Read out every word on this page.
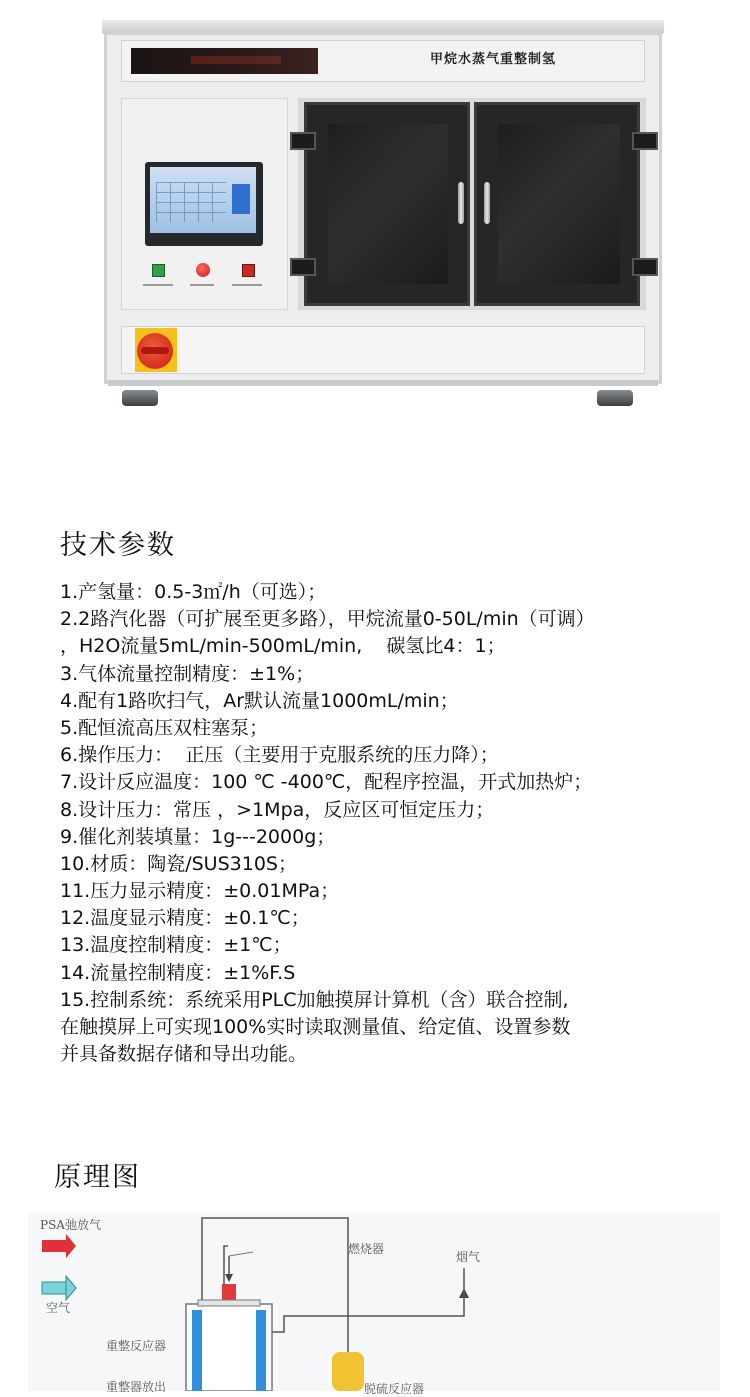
甲烷水蒸气重整制氢
技术参数
1.产氢量：0.5-3㎡/h（可选）；
2.2路汽化器（可扩展至更多路），甲烷流量0-50L/min（可调）
，H2O流量5mL/min-500mL/min,    碳氢比4：1；
3.气体流量控制精度：±1%；
4.配有1路吹扫气，Ar默认流量1000mL/min；
5.配恒流高压双柱塞泵；
6.操作压力：  正压（主要用于克服系统的压力降）；
7.设计反应温度：100 ℃ -400℃，配程序控温，开式加热炉；
8.设计压力：常压 ，>1Mpa，反应区可恒定压力；
9.催化剂装填量：1g---2000g；
10.材质：陶瓷/SUS310S；
11.压力显示精度：±0.01MPa；
12.温度显示精度：±0.1℃；
13.温度控制精度：±1℃；
14.流量控制精度：±1%F.S
15.控制系统：系统采用PLC加触摸屏计算机（含）联合控制,
在触摸屏上可实现100%实时读取测量值、给定值、设置参数
并具备数据存储和导出功能。
原理图
PSA弛放气
空气
燃烧器
烟气
重整反应器
重整器放出	脱硫反应器
